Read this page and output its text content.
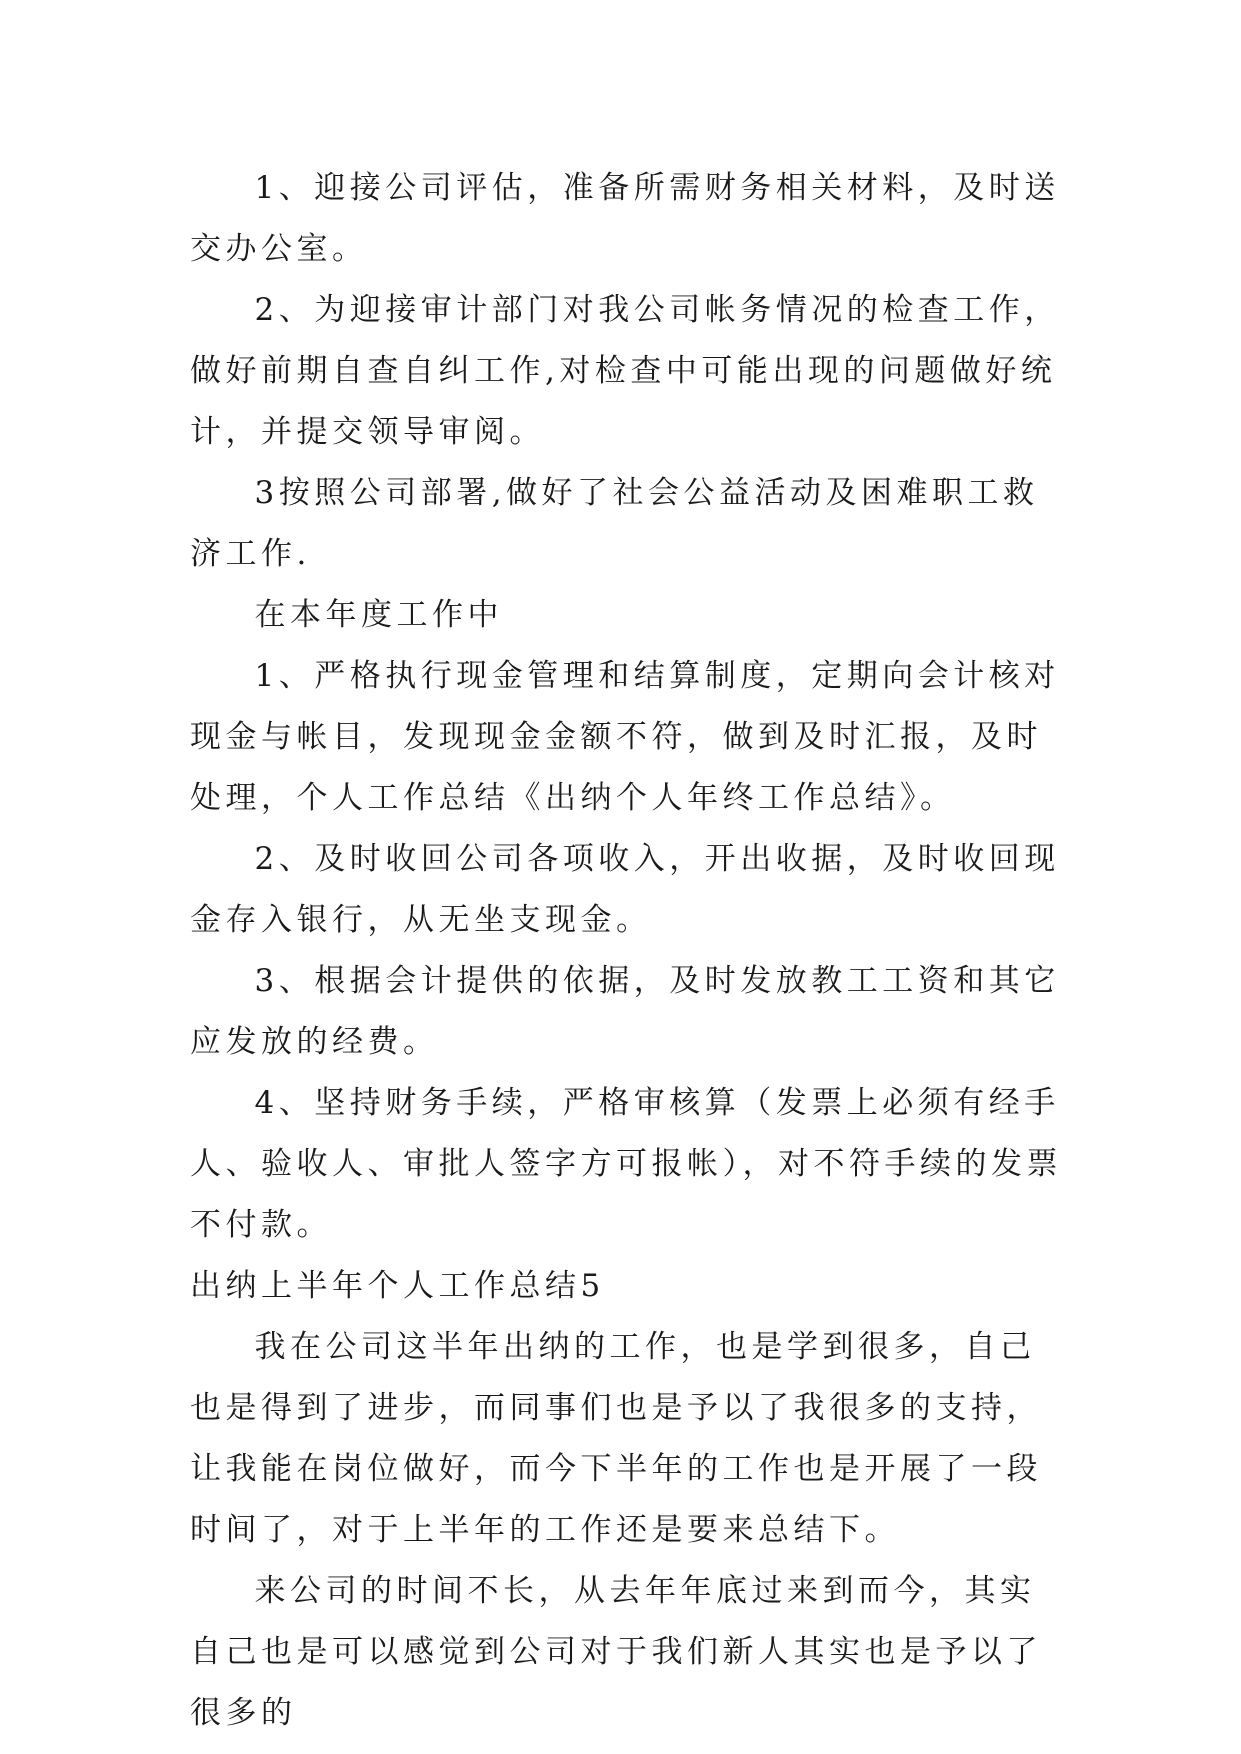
1、迎接公司评估，准备所需财务相关材料，及时送交办公室。

2、为迎接审计部门对我公司帐务情况的检查工作，做好前期自查自纠工作,对检查中可能出现的问题做好统计，并提交领导审阅。

3按照公司部署,做好了社会公益活动及困难职工救济工作.

在本年度工作中

1、严格执行现金管理和结算制度，定期向会计核对现金与帐目，发现现金金额不符，做到及时汇报，及时处理，个人工作总结《出纳个人年终工作总结》。

2、及时收回公司各项收入，开出收据，及时收回现金存入银行，从无坐支现金。

3、根据会计提供的依据，及时发放教工工资和其它应发放的经费。

4、坚持财务手续，严格审核算（发票上必须有经手人、验收人、审批人签字方可报帐），对不符手续的发票不付款。

出纳上半年个人工作总结5

我在公司这半年出纳的工作，也是学到很多，自己也是得到了进步，而同事们也是予以了我很多的支持，让我能在岗位做好，而今下半年的工作也是开展了一段时间了，对于上半年的工作还是要来总结下。

来公司的时间不长，从去年年底过来到而今，其实自己也是可以感觉到公司对于我们新人其实也是予以了很多的
